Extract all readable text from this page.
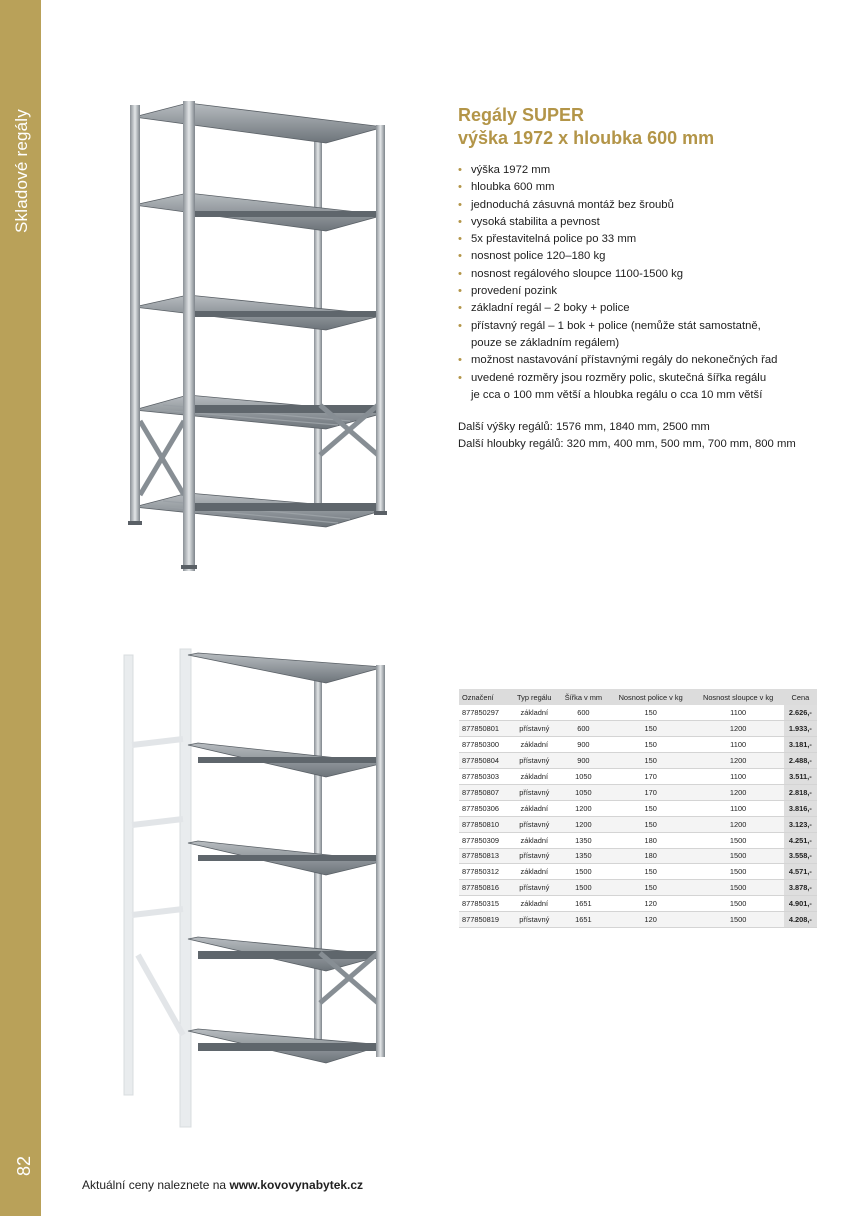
Skladové regály
82
Regály SUPER
výška 1972 x hloubka 600 mm
• výška 1972 mm
• hloubka 600 mm
• jednoduchá zásuvná montáž bez šroubů
• vysoká stabilita a pevnost
• 5x přestavitelná police po 33 mm
• nosnost police 120–180 kg
• nosnost regálového sloupce 1100-1500 kg
• provedení pozink
• základní regál – 2 boky + police
• přístavný regál – 1 bok + police (nemůže stát samostatně,
pouze se základním regálem)
• možnost nastavování přístavnými regály do nekonečných řad
• uvedené rozměry jsou rozměry polic, skutečná šířka regálu
je cca o 100 mm větší a hloubka regálu o cca 10 mm větší

Další výšky regálů: 1576 mm, 1840 mm, 2500 mm

Další hloubky regálů: 320 mm, 400 mm, 500 mm, 700 mm, 800 mm

Označení	Typ regálu	Šířka v mm	Nosnost police v kg	Nosnost sloupce v kg	Cena
877850297	základní	600	150	1100	2.626,-
877850801	přístavný	600	150	1200	1.933,-
877850300	základní	900	150	1100	3.181,-
877850804	přístavný	900	150	1200	2.488,-
877850303	základní	1050	170	1100	3.511,-
877850807	přístavný	1050	170	1200	2.818,-
877850306	základní	1200	150	1100	3.816,-
877850810	přístavný	1200	150	1200	3.123,-
877850309	základní	1350	180	1500	4.251,-
877850813	přístavný	1350	180	1500	3.558,-
877850312	základní	1500	150	1500	4.571,-
877850816	přístavný	1500	150	1500	3.878,-
877850315	základní	1651	120	1500	4.901,-
877850819	přístavný	1651	120	1500	4.208,-
Aktuální ceny naleznete na www.kovovynabytek.cz
